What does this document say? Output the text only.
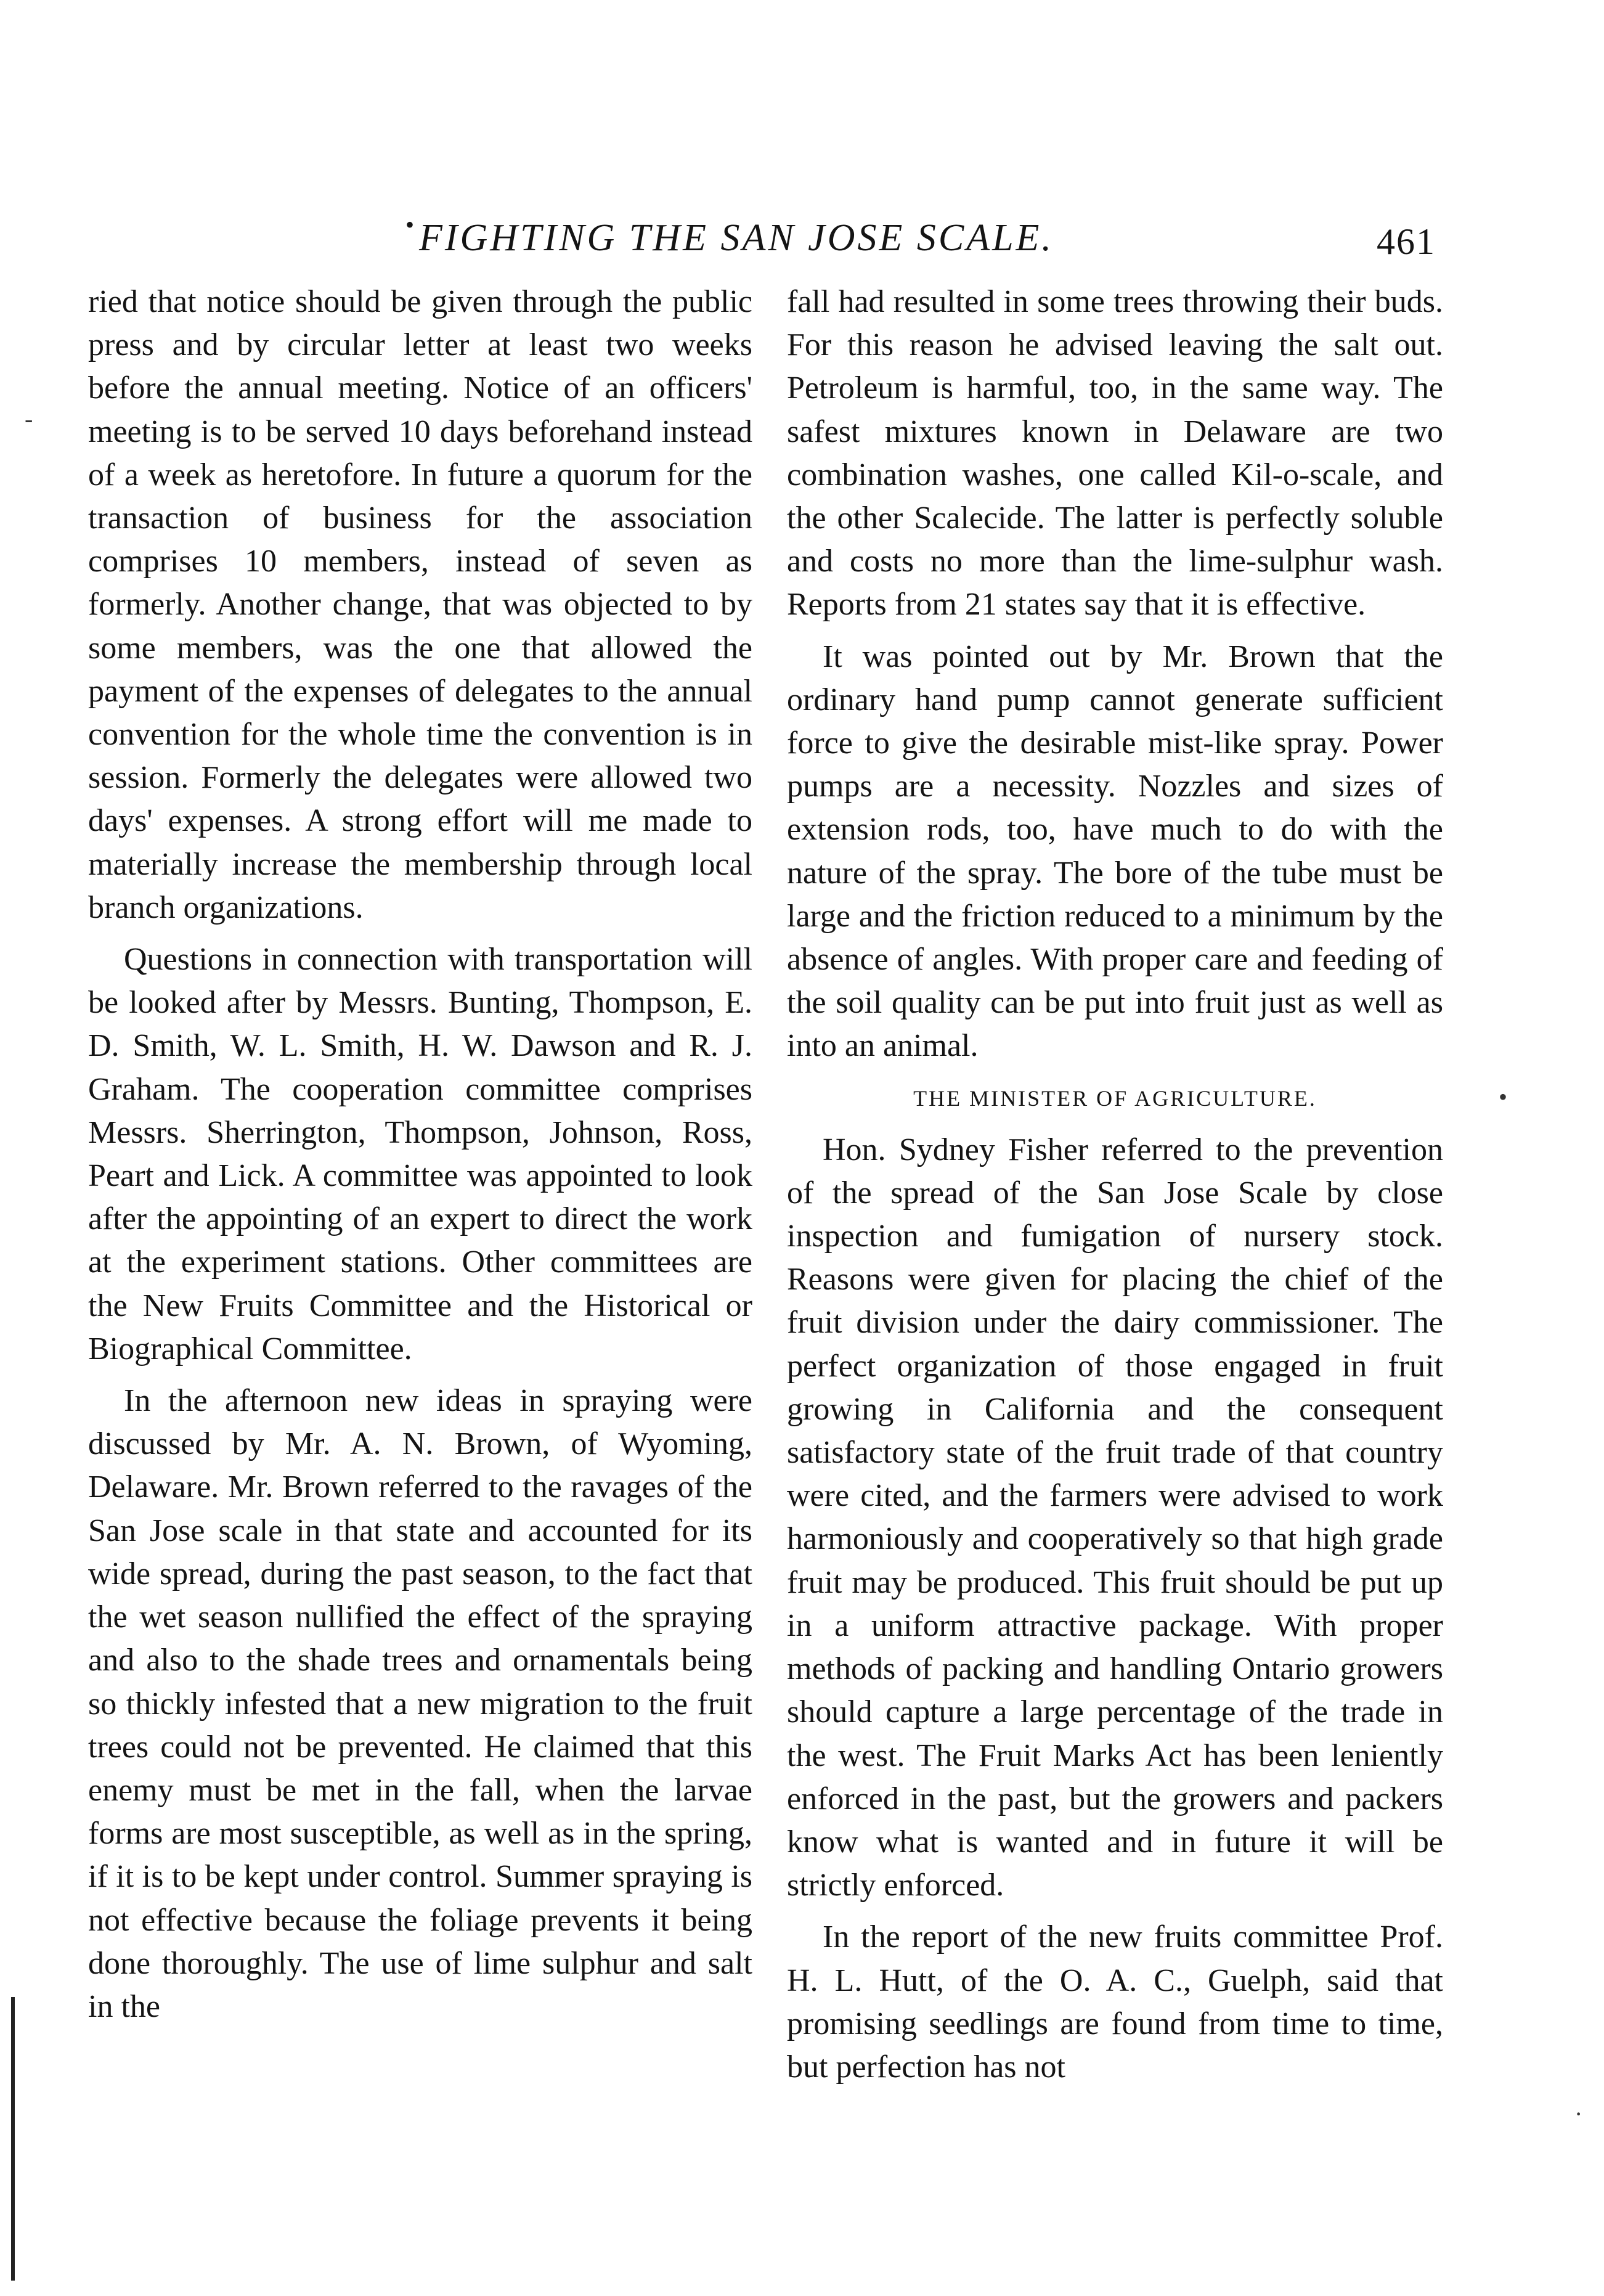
• FIGHTING THE SAN JOSE SCALE.	461

ried that notice should be given through the public press and by circular letter at least two weeks before the annual meeting. Notice of an officers' meeting is to be served 10 days beforehand instead of a week as heretofore. In future a quorum for the transaction of business for the association comprises 10 members, instead of seven as formerly. Another change, that was objected to by some members, was the one that allowed the payment of the expenses of delegates to the annual convention for the whole time the convention is in session. Formerly the delegates were allowed two days' expenses. A strong effort will me made to materially increase the membership through local branch organizations.

Questions in connection with transportation will be looked after by Messrs. Bunting, Thompson, E. D. Smith, W. L. Smith, H. W. Dawson and R. J. Graham. The cooperation committee comprises Messrs. Sherrington, Thompson, Johnson, Ross, Peart and Lick. A committee was appointed to look after the appointing of an expert to direct the work at the experiment stations. Other committees are the New Fruits Committee and the Historical or Biographical Committee.

In the afternoon new ideas in spraying were discussed by Mr. A. N. Brown, of Wyoming, Delaware. Mr. Brown referred to the ravages of the San Jose scale in that state and accounted for its wide spread, during the past season, to the fact that the wet season nullified the effect of the spraying and also to the shade trees and ornamentals being so thickly infested that a new migration to the fruit trees could not be prevented. He claimed that this enemy must be met in the fall, when the larvae forms are most susceptible, as well as in the spring, if it is to be kept under control. Summer spraying is not effective because the foliage prevents it being done thoroughly. The use of lime sulphur and salt in the

fall had resulted in some trees throwing their buds. For this reason he advised leaving the salt out. Petroleum is harmful, too, in the same way. The safest mixtures known in Delaware are two combination washes, one called Kil-o-scale, and the other Scalecide. The latter is perfectly soluble and costs no more than the lime-sulphur wash. Reports from 21 states say that it is effective.

It was pointed out by Mr. Brown that the ordinary hand pump cannot generate sufficient force to give the desirable mist-like spray. Power pumps are a necessity. Nozzles and sizes of extension rods, too, have much to do with the nature of the spray. The bore of the tube must be large and the friction reduced to a minimum by the absence of angles. With proper care and feeding of the soil quality can be put into fruit just as well as into an animal.

THE MINISTER OF AGRICULTURE.

Hon. Sydney Fisher referred to the prevention of the spread of the San Jose Scale by close inspection and fumigation of nursery stock. Reasons were given for placing the chief of the fruit division under the dairy commissioner. The perfect organization of those engaged in fruit growing in California and the consequent satisfactory state of the fruit trade of that country were cited, and the farmers were advised to work harmoniously and cooperatively so that high grade fruit may be produced. This fruit should be put up in a uniform attractive package. With proper methods of packing and handling Ontario growers should capture a large percentage of the trade in the west. The Fruit Marks Act has been leniently enforced in the past, but the growers and packers know what is wanted and in future it will be strictly enforced.

In the report of the new fruits committee Prof. H. L. Hutt, of the O. A. C., Guelph, said that promising seedlings are found from time to time, but perfection has not

-
•
·
